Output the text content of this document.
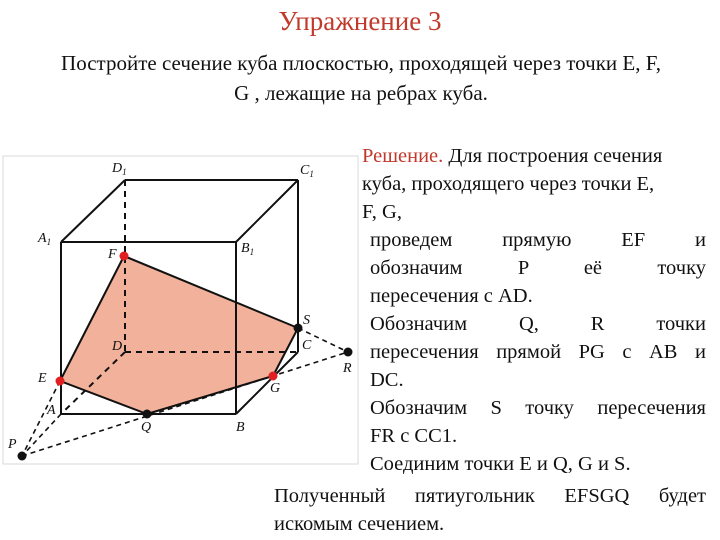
Упражнение 3
Постройте сечение куба плоскостью, проходящей через точки E, F,
G , лежащие на ребрах куба.
$D_1$	$C_1$
$A_1$	$B_1$
F
S
C
D
R
E
G
A
Q	B
P
Решение. Для построения сечения
куба, проходящего через точки E,
F, G,
проведем прямую EF и
обозначим P её точку
пересечения с AD.
Обозначим Q, R точки
пересечения прямой PG с AB и
DC.
Обозначим S точку пересечения
FR с CC1.
Соединим точки E и Q, G и S.
Полученный пятиугольник EFSGQ будет
искомым сечением.
